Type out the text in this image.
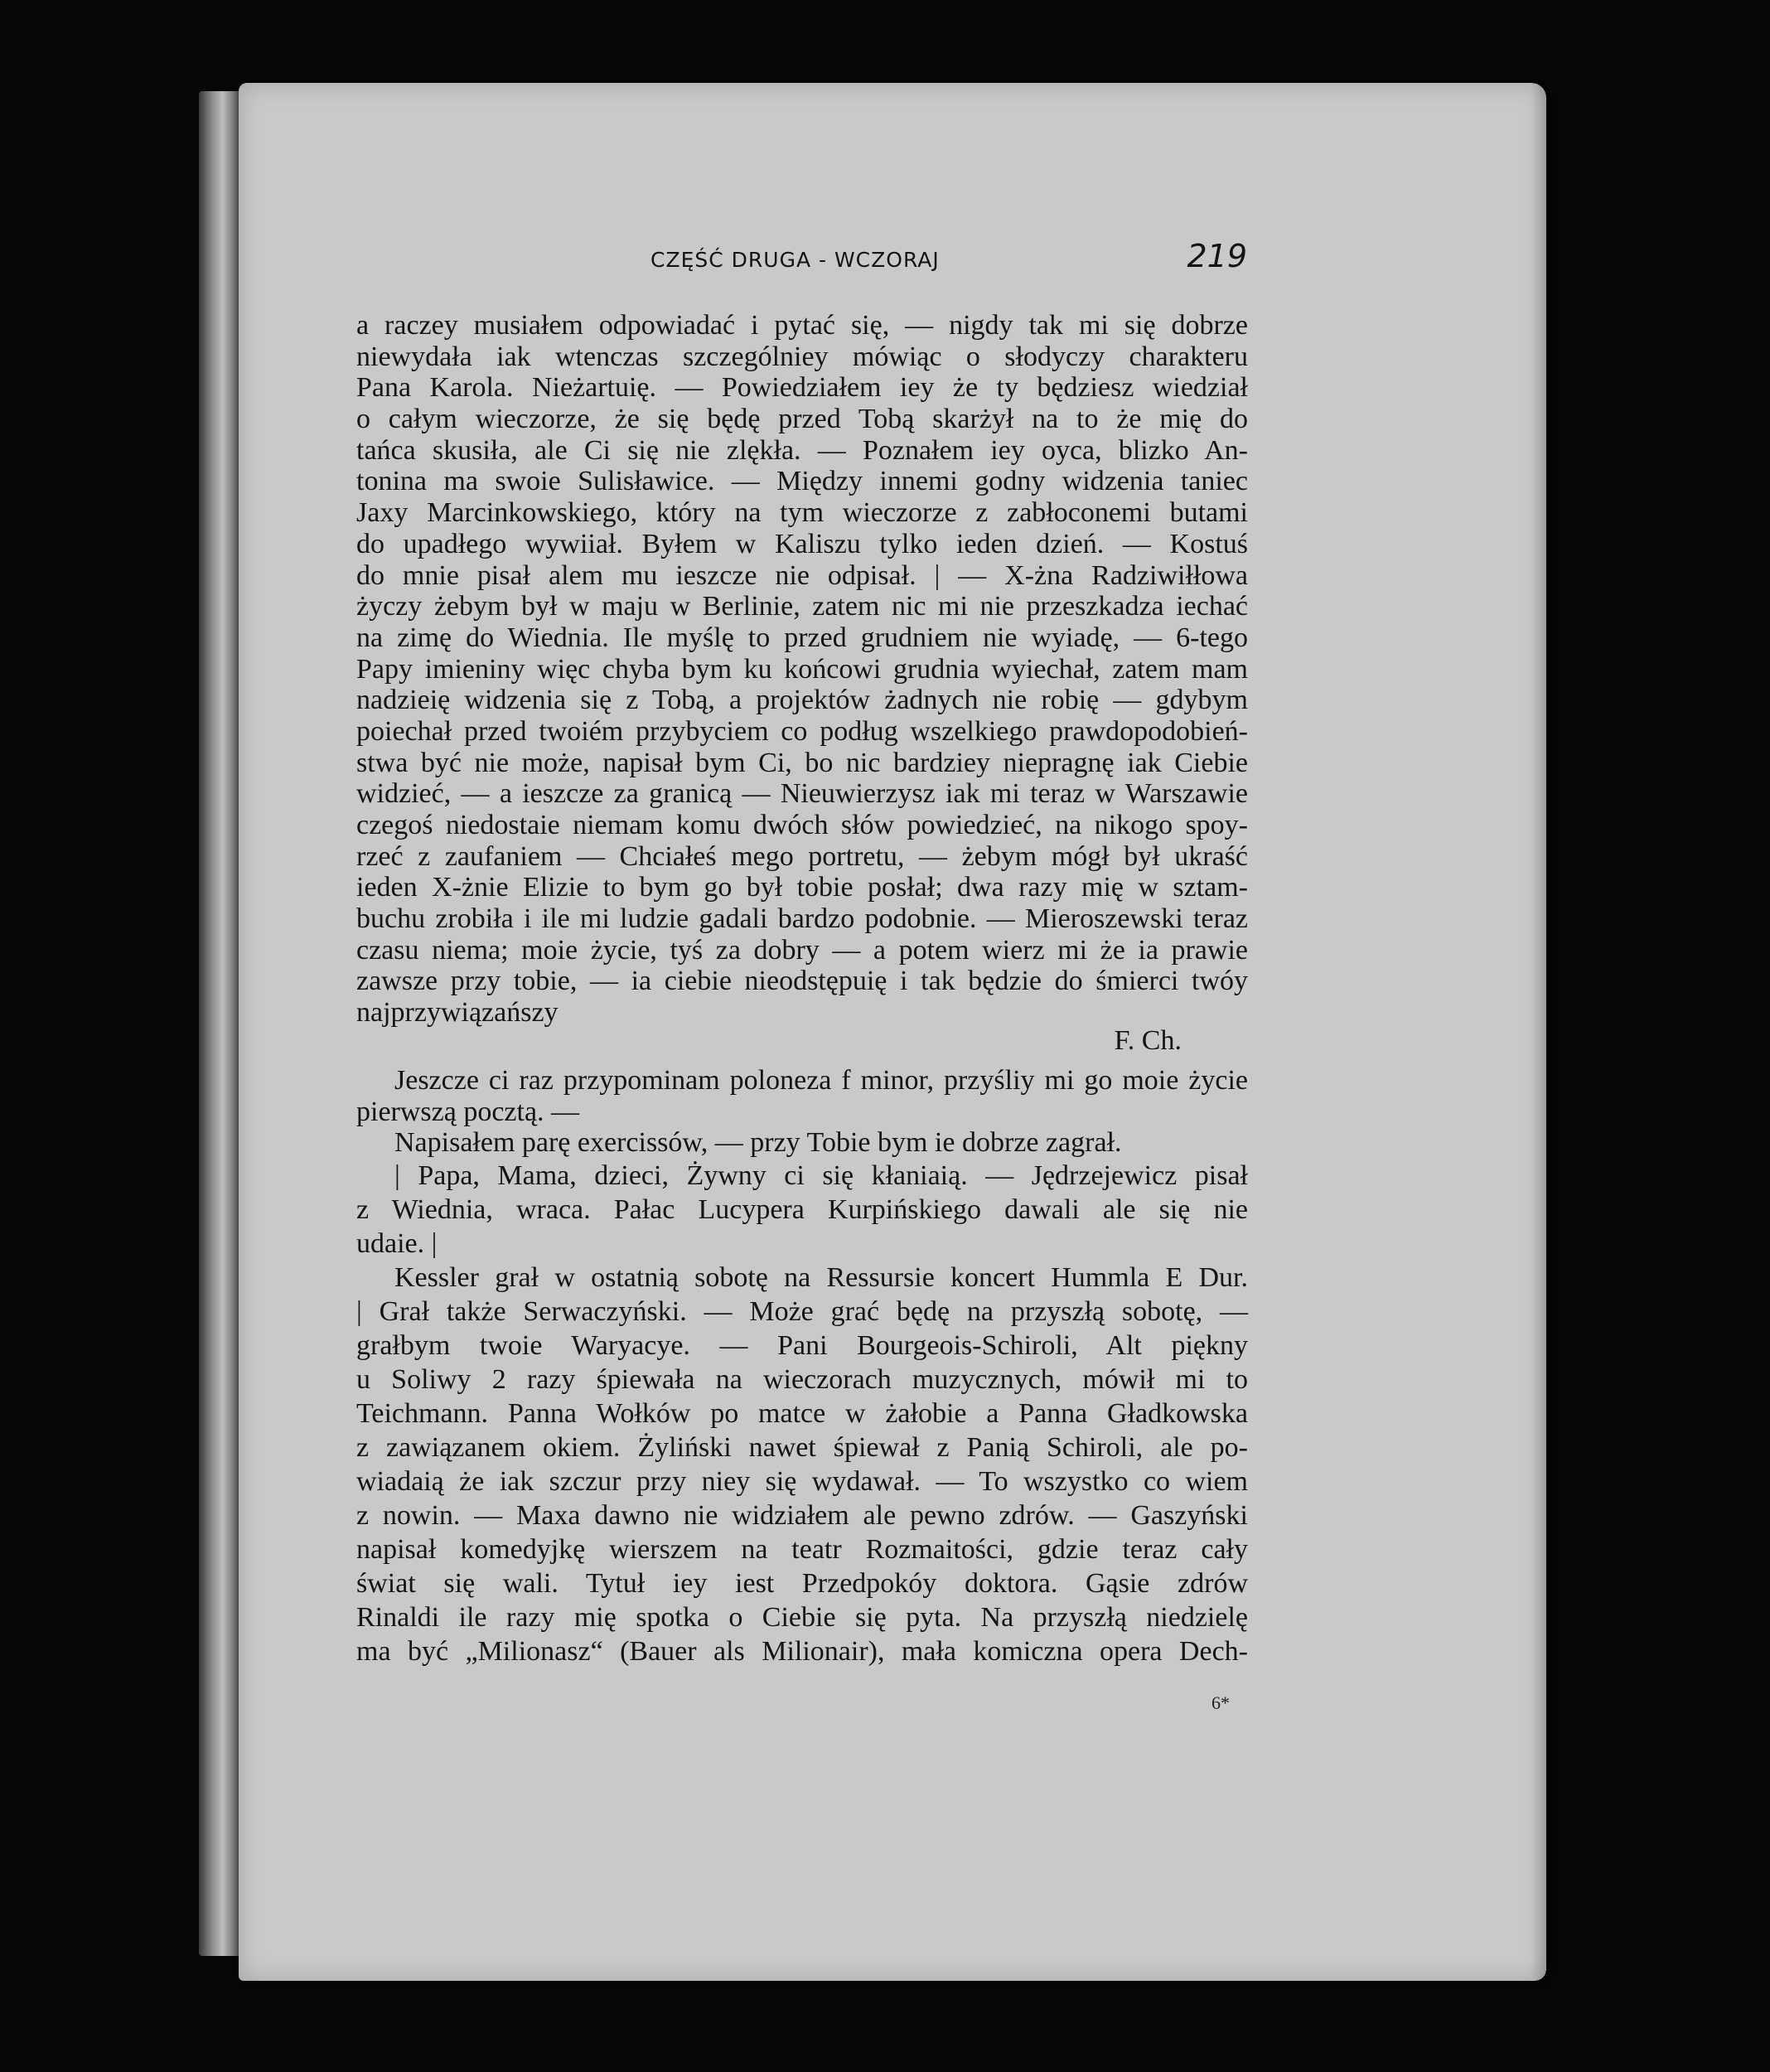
CZĘŚĆ DRUGA - WCZORAJ	219
a raczey musiałem odpowiadać i pytać się, — nigdy tak mi się dobrze
niewydała iak wtenczas szczególniey mówiąc o słodyczy charakteru
Pana Karola. Nieżartuię. — Powiedziałem iey że ty będziesz wiedział
o całym wieczorze, że się będę przed Tobą skarżył na to że mię do
tańca skusiła, ale Ci się nie zlękła. — Poznałem iey oyca, blizko An-
tonina ma swoie Sulisławice. — Między innemi godny widzenia taniec
Jaxy Marcinkowskiego, który na tym wieczorze z zabłoconemi butami
do upadłego wywiiał. Byłem w Kaliszu tylko ieden dzień. — Kostuś
do mnie pisał alem mu ieszcze nie odpisał. | — X-żna Radziwiłłowa
życzy żebym był w maju w Berlinie, zatem nic mi nie przeszkadza iechać
na zimę do Wiednia. Ile myślę to przed grudniem nie wyiadę, — 6-tego
Papy imieniny więc chyba bym ku końcowi grudnia wyiechał, zatem mam
nadzieię widzenia się z Tobą, a projektów żadnych nie robię — gdybym
poiechał przed twoiém przybyciem co podług wszelkiego prawdopodobień-
stwa być nie może, napisał bym Ci, bo nic bardziey niepragnę iak Ciebie
widzieć, — a ieszcze za granicą — Nieuwierzysz iak mi teraz w Warszawie
czegoś niedostaie niemam komu dwóch słów powiedzieć, na nikogo spoy-
rzeć z zaufaniem — Chciałeś mego portretu, — żebym mógł był ukraść
ieden X-żnie Elizie to bym go był tobie posłał; dwa razy mię w sztam-
buchu zrobiła i ile mi ludzie gadali bardzo podobnie. — Mieroszewski teraz
czasu niema; moie życie, tyś za dobry — a potem wierz mi że ia prawie
zawsze przy tobie, — ia ciebie nieodstępuię i tak będzie do śmierci twóy
najprzywiązańszy
F. Ch.
Jeszcze ci raz przypominam poloneza f minor, przyśliy mi go moie życie
pierwszą pocztą. —
Napisałem parę exercissów, — przy Tobie bym ie dobrze zagrał.
| Papa, Mama, dzieci, Żywny ci się kłaniaią. — Jędrzejewicz pisał
z Wiednia, wraca. Pałac Lucypera Kurpińskiego dawali ale się nie
udaie. |
Kessler grał w ostatnią sobotę na Ressursie koncert Hummla E Dur.
| Grał także Serwaczyński. — Może grać będę na przyszłą sobotę, —
grałbym twoie Waryacye. — Pani Bourgeois-Schiroli, Alt piękny
u Soliwy 2 razy śpiewała na wieczorach muzycznych, mówił mi to
Teichmann. Panna Wołków po matce w żałobie a Panna Gładkowska
z zawiązanem okiem. Żyliński nawet śpiewał z Panią Schiroli, ale po-
wiadaią że iak szczur przy niey się wydawał. — To wszystko co wiem
z nowin. — Maxa dawno nie widziałem ale pewno zdrów. — Gaszyński
napisał komedyjkę wierszem na teatr Rozmaitości, gdzie teraz cały
świat się wali. Tytuł iey iest Przedpokóy doktora. Gąsie zdrów
Rinaldi ile razy mię spotka o Ciebie się pyta. Na przyszłą niedzielę
ma być „Milionasz“ (Bauer als Milionair), mała komiczna opera Dech-
6*
